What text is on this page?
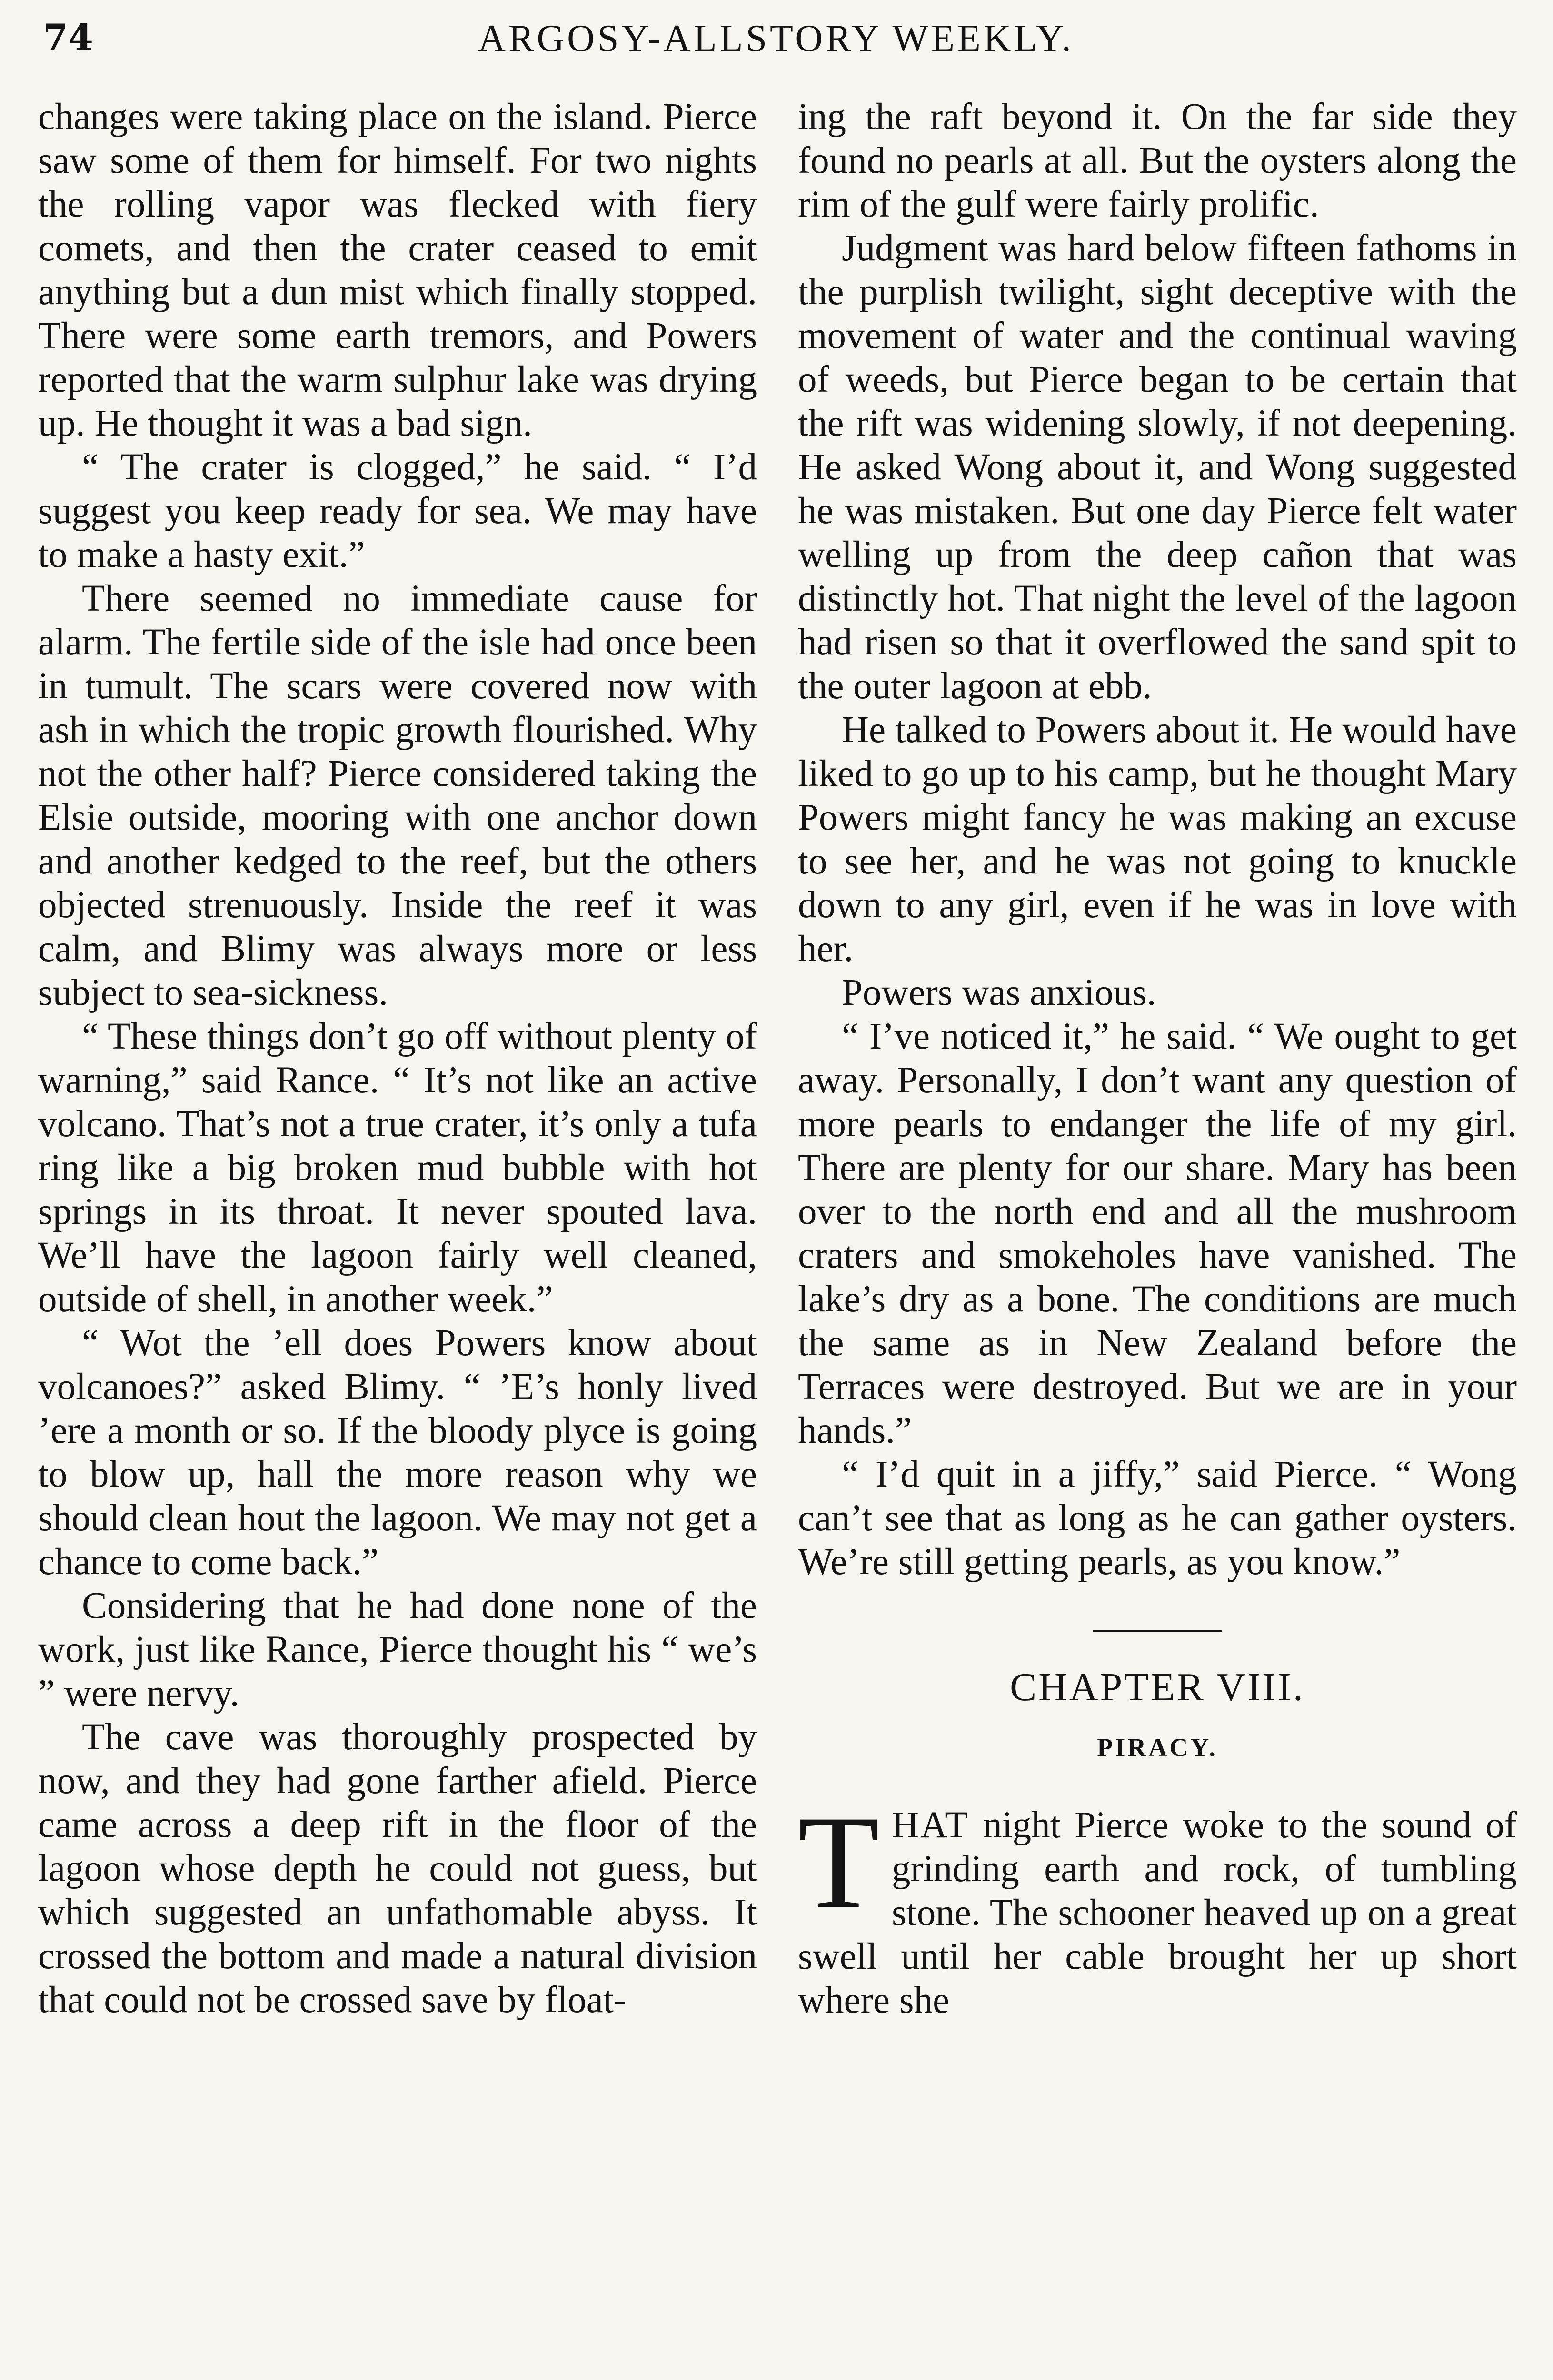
74	ARGOSY-ALLSTORY WEEKLY.

changes were taking place on the island. Pierce saw some of them for himself. For two nights the rolling vapor was flecked with fiery comets, and then the crater ceased to emit anything but a dun mist which finally stopped. There were some earth tremors, and Powers reported that the warm sulphur lake was drying up. He thought it was a bad sign.

“ The crater is clogged,” he said. “ I’d suggest you keep ready for sea. We may have to make a hasty exit.”

There seemed no immediate cause for alarm. The fertile side of the isle had once been in tumult. The scars were covered now with ash in which the tropic growth flourished. Why not the other half? Pierce considered taking the Elsie outside, mooring with one anchor down and another kedged to the reef, but the others objected strenuously. Inside the reef it was calm, and Blimy was always more or less subject to sea-sickness.

“ These things don’t go off without plenty of warning,” said Rance. “ It’s not like an active volcano. That’s not a true crater, it’s only a tufa ring like a big broken mud bubble with hot springs in its throat. It never spouted lava. We’ll have the lagoon fairly well cleaned, outside of shell, in another week.”

“ Wot the ’ell does Powers know about volcanoes?” asked Blimy. “ ’E’s honly lived ’ere a month or so. If the bloody plyce is going to blow up, hall the more reason why we should clean hout the lagoon. We may not get a chance to come back.”

Considering that he had done none of the work, just like Rance, Pierce thought his “ we’s ” were nervy.

The cave was thoroughly prospected by now, and they had gone farther afield. Pierce came across a deep rift in the floor of the lagoon whose depth he could not guess, but which suggested an unfathomable abyss. It crossed the bottom and made a natural division that could not be crossed save by float-

ing the raft beyond it. On the far side they found no pearls at all. But the oysters along the rim of the gulf were fairly prolific.

Judgment was hard below fifteen fathoms in the purplish twilight, sight deceptive with the movement of water and the continual waving of weeds, but Pierce began to be certain that the rift was widening slowly, if not deepening. He asked Wong about it, and Wong suggested he was mistaken. But one day Pierce felt water welling up from the deep cañon that was distinctly hot. That night the level of the lagoon had risen so that it overflowed the sand spit to the outer lagoon at ebb.

He talked to Powers about it. He would have liked to go up to his camp, but he thought Mary Powers might fancy he was making an excuse to see her, and he was not going to knuckle down to any girl, even if he was in love with her.

Powers was anxious.

“ I’ve noticed it,” he said. “ We ought to get away. Personally, I don’t want any question of more pearls to endanger the life of my girl. There are plenty for our share. Mary has been over to the north end and all the mushroom craters and smokeholes have vanished. The lake’s dry as a bone. The conditions are much the same as in New Zealand before the Terraces were destroyed. But we are in your hands.”

“ I’d quit in a jiffy,” said Pierce. “ Wong can’t see that as long as he can gather oysters. We’re still getting pearls, as you know.”

CHAPTER VIII.
PIRACY.

THAT night Pierce woke to the sound of grinding earth and rock, of tumbling stone. The schooner heaved up on a great swell until her cable brought her up short where she
